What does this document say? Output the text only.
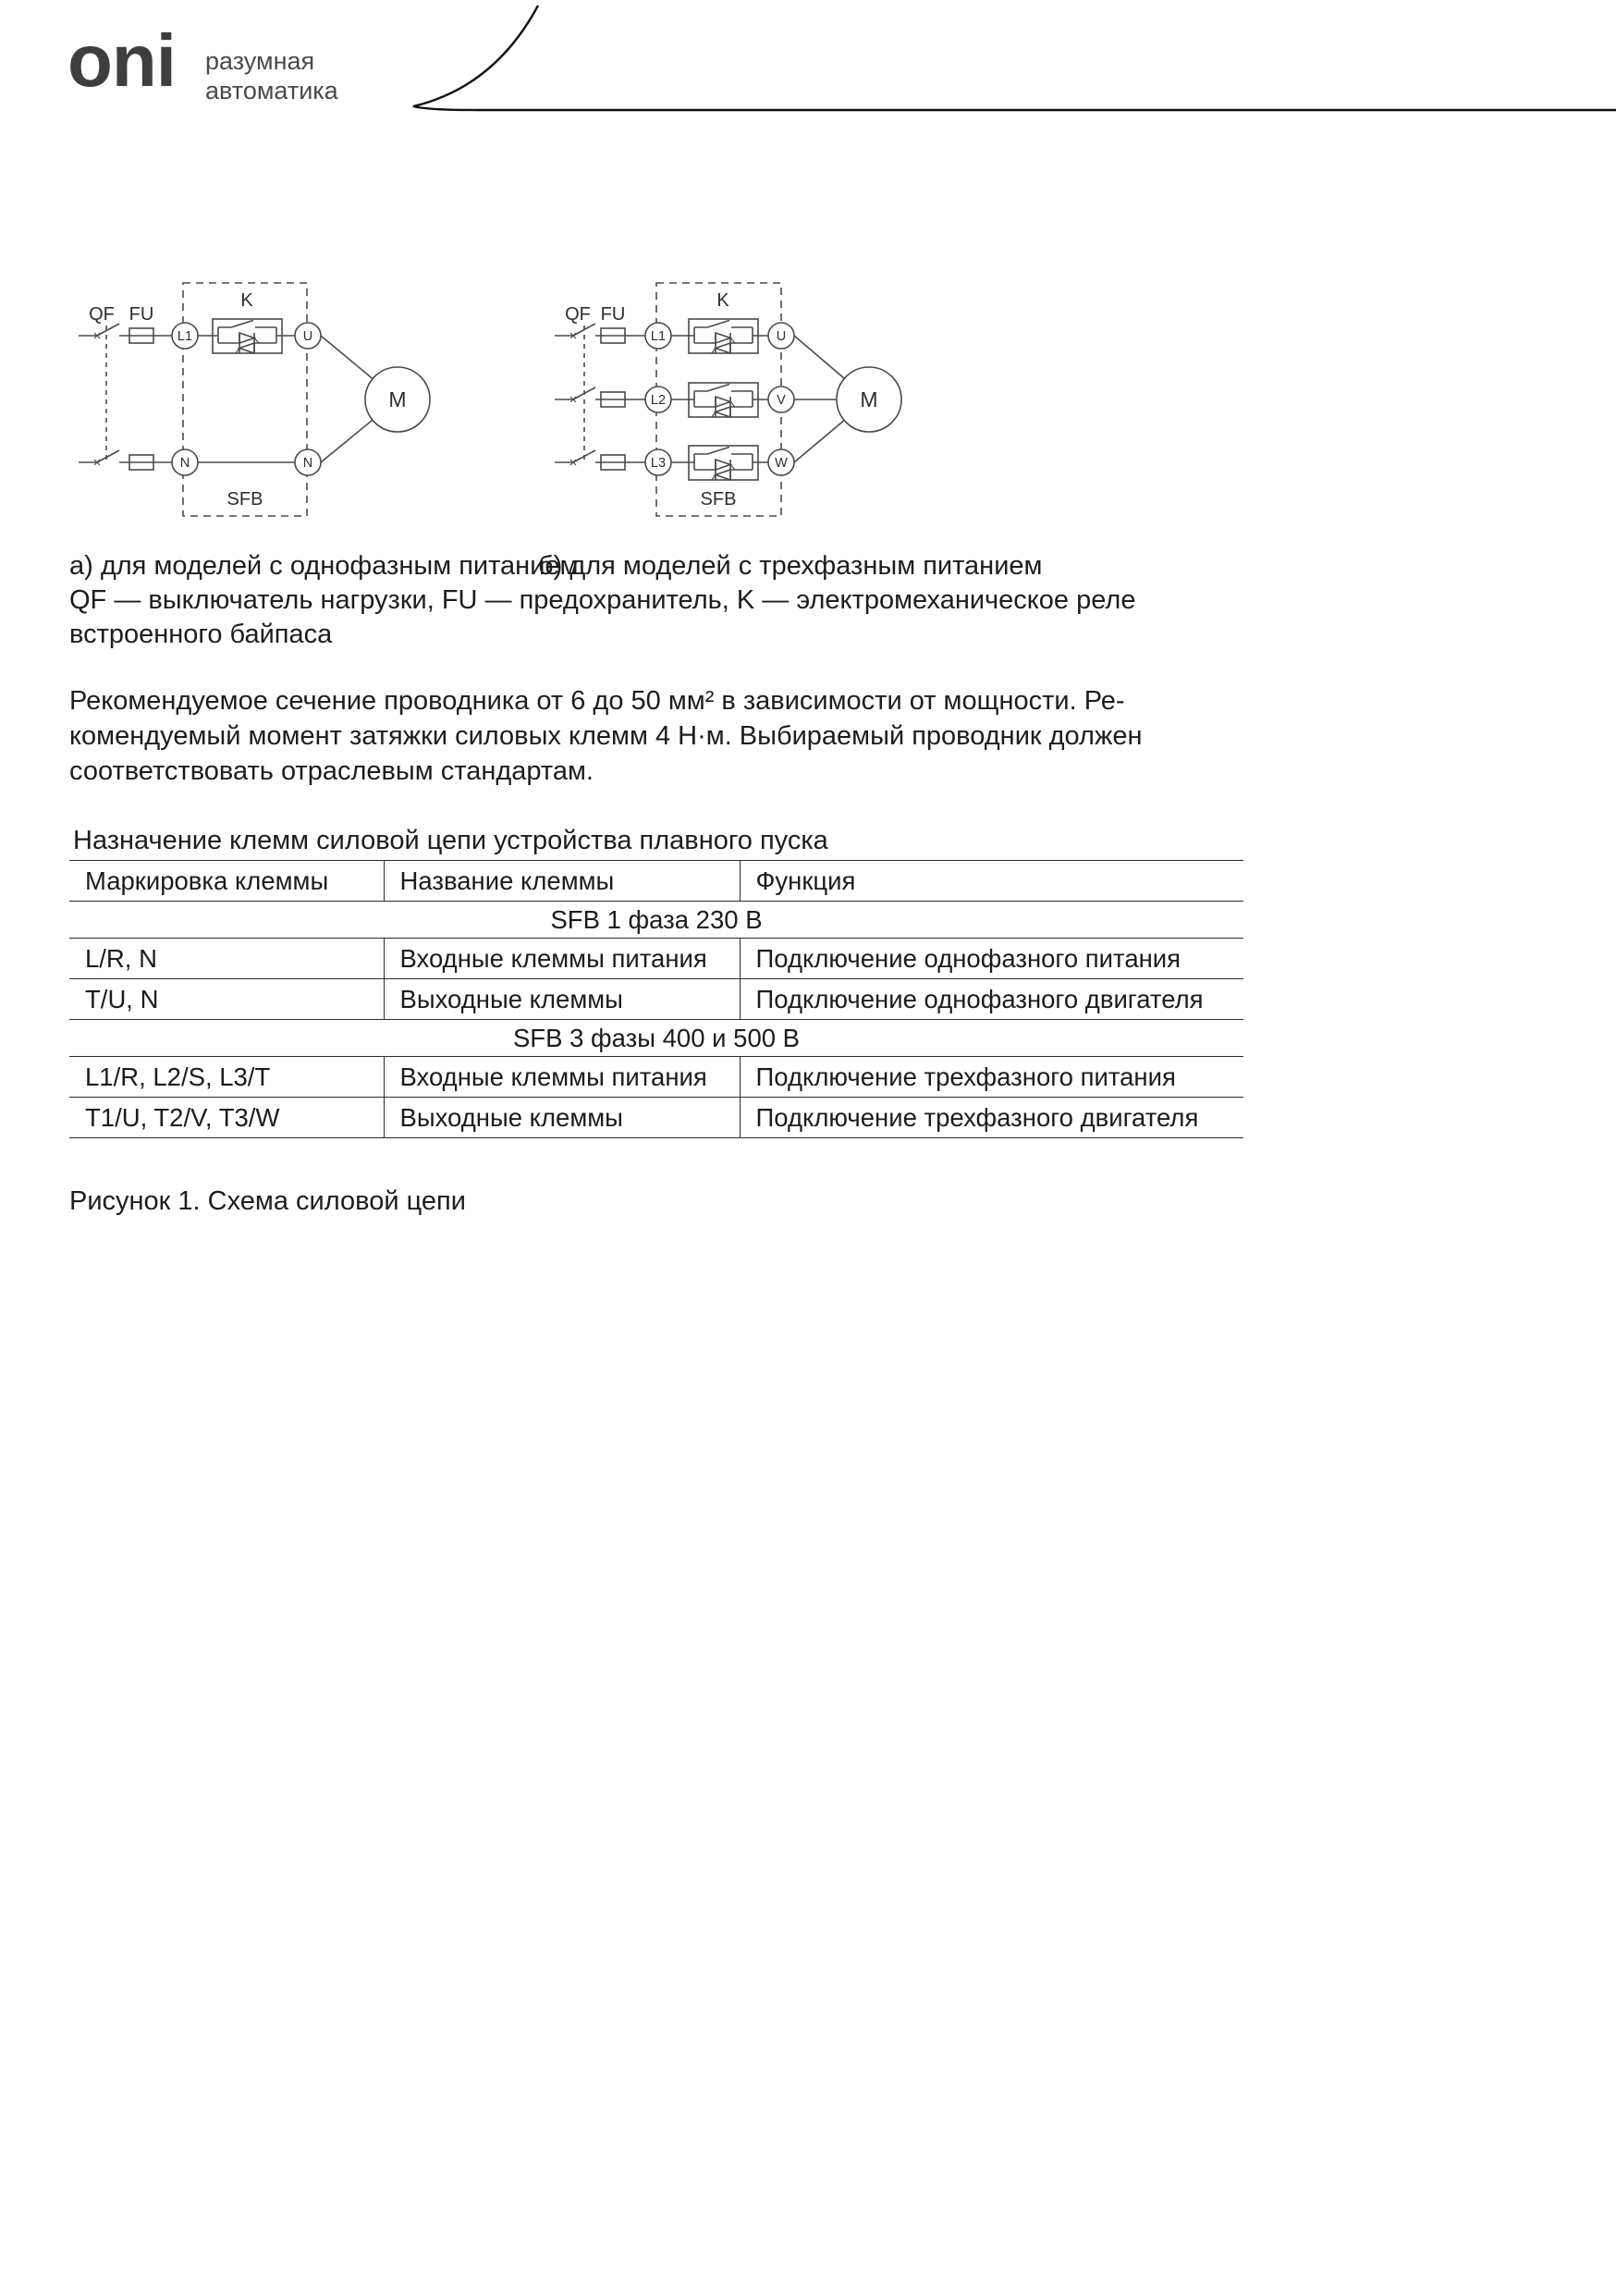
oni разумная
автоматика
QF FU
K
L1	U
N	N
M
SFB
QF FU
K
L1
L2
L3
U
V
W
M
SFB
а) для моделей с однофазным питанием
б) для моделей с трехфазным питанием
QF — выключатель нагрузки, FU — предохранитель, K — электромеханическое реле
встроенного байпаса
Рекомендуемое сечение проводника от 6 до 50 мм² в зависимости от мощности. Ре-
комендуемый момент затяжки силовых клемм 4 Н·м. Выбираемый проводник должен
соответствовать отраслевым стандартам.
Назначение клемм силовой цепи устройства плавного пуска
Маркировка клеммы	Название клеммы	Функция
SFB 1 фаза 230 В		
L/R, N	Входные клеммы питания	Подключение однофазного питания
T/U, N	Выходные клеммы	Подключение однофазного двигателя
SFB 3 фазы 400 и 500 В		
L1/R, L2/S, L3/T	Входные клеммы питания	Подключение трехфазного питания
T1/U, T2/V, T3/W	Выходные клеммы	Подключение трехфазного двигателя
Рисунок 1. Схема силовой цепи
